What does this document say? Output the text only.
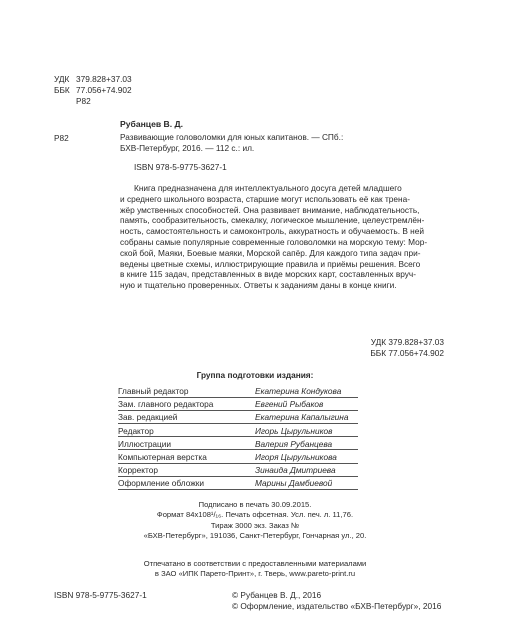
УДК 379.828+37.03
ББК 77.056+74.902
Р82
Р82
Рубанцев В. Д.
Развивающие головоломки для юных капитанов. — СПб.:
БХВ-Петербург, 2016. — 112 с.: ил.
ISBN 978-5-9775-3627-1
Книга предназначена для интеллектуального досуга детей младшего
и среднего школьного возраста, старшие могут использовать её как трена-
жёр умственных способностей. Она развивает внимание, наблюдательность,
память, сообразительность, смекалку, логическое мышление, целеустремлён-
ность, самостоятельность и самоконтроль, аккуратность и обучаемость. В ней
собраны самые популярные современные головоломки на морскую тему: Мор-
ской бой, Маяки, Боевые маяки, Морской сапёр. Для каждого типа задач при-
ведены цветные схемы, иллюстрирующие правила и приёмы решения. Всего
в книге 115 задач, представленных в виде морских карт, составленных вруч-
ную и тщательно проверенных. Ответы к заданиям даны в конце книги.
УДК 379.828+37.03
ББК 77.056+74.902
Группа подготовки издания:
Главный редактор	Екатерина Кондукова
Зам. главного редактора	Евгений Рыбаков
Зав. редакцией	Екатерина Капалыгина
Редактор	Игорь Цырульников
Иллюстрации	Валерия Рубанцева
Компьютерная верстка	Игоря Цырульникова
Корректор	Зинаида Дмитриева
Оформление обложки	Марины Дамбиевой
Подписано в печать 30.09.2015.
Формат 84x108¹/₁₆. Печать офсетная. Усл. печ. л. 11,76.
Тираж 3000 экз. Заказ №
«БХВ-Петербург», 191036, Санкт-Петербург, Гончарная ул., 20.
Отпечатано в соответствии с предоставленными материалами
в ЗАО «ИПК Парето-Принт», г. Тверь, www.pareto-print.ru
ISBN 978-5-9775-3627-1	© Рубанцев В. Д., 2016
© Оформление, издательство «БХВ-Петербург», 2016
